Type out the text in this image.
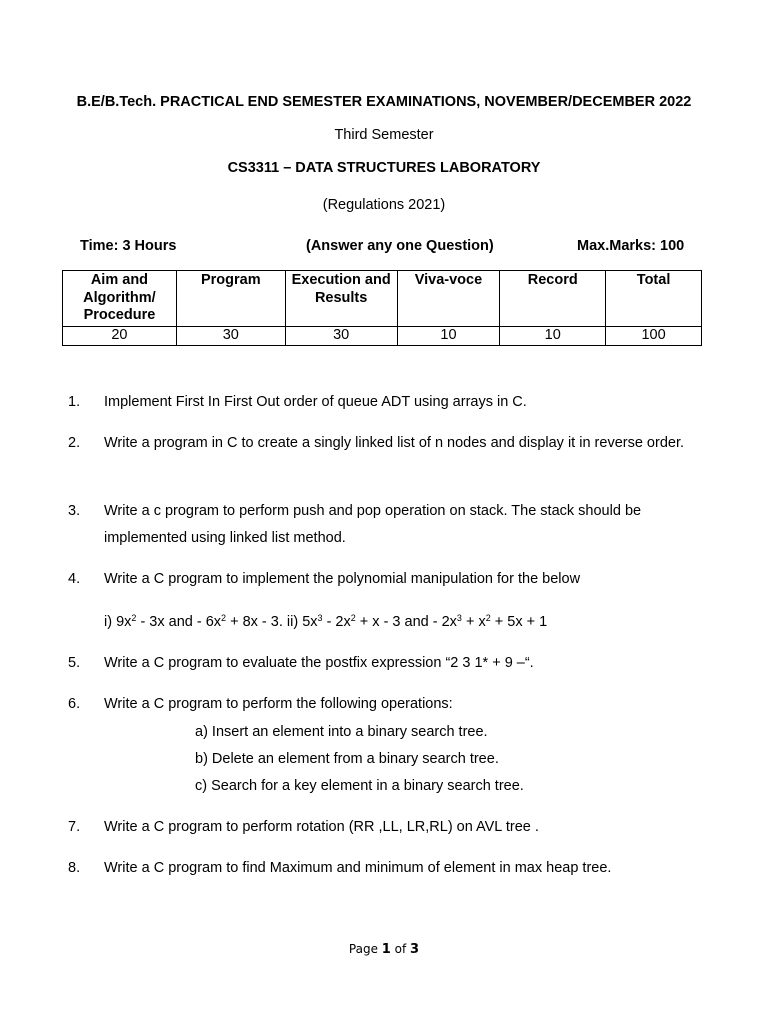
B.E/B.Tech. PRACTICAL END SEMESTER EXAMINATIONS, NOVEMBER/DECEMBER 2022
Third Semester
CS3311 – DATA STRUCTURES LABORATORY
(Regulations 2021)
Time: 3 Hours	(Answer any one Question)	Max.Marks: 100
Aim and Algorithm/ Procedure	Program	Execution and Results	Viva-voce	Record	Total
20	30	30	10	10	100
1. Implement First In First Out order of queue ADT using arrays in C.
2. Write a program in C to create a singly linked list of n nodes and display it in reverse order.
3. Write a c program to perform push and pop operation on stack. The stack should be implemented using linked list method.
4. Write a C program to implement the polynomial manipulation for the below
5. Write a C program to evaluate the postfix expression “2 3 1* + 9 –“.
6. Write a C program to perform the following operations:
7. Write a C program to perform rotation (RR ,LL, LR,RL) on AVL tree .
8. Write a C program to find Maximum and minimum of element in max heap tree.
i) $9x^2 - 3x$ and - $6x^2 + 8x - 3$. ii) $5x^3 - 2x^2 + x - 3$ and - $2x^3 + x^2 + 5x + 1$
a) Insert an element into a binary search tree.
b) Delete an element from a binary search tree.
c) Search for a key element in a binary search tree.
Page 1 of 3
